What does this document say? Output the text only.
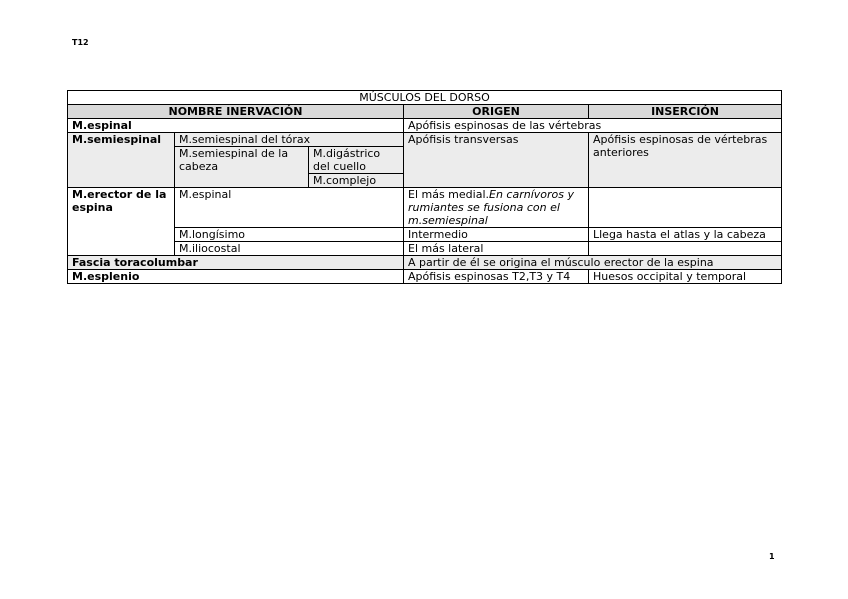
T12
MÚSCULOS DEL DORSO				
NOMBRE INERVACIÓN			ORIGEN	INSERCIÓN
M.espinal			Apófisis espinosas de las vértebras	
M.semiespinal	M.semiespinal del tórax		Apófisis transversas	Apófisis espinosas de vértebras anteriores
	M.semiespinal de la cabeza	M.digástrico del cuello		
		M.complejo		
M.erector de la espina	M.espinal		El más medial.En carnívoros y rumiantes se fusiona con el m.semiespinal	
	M.longísimo		Intermedio	Llega hasta el atlas y la cabeza
	M.iliocostal		El más lateral	
Fascia toracolumbar			A partir de él se origina el músculo erector de la espina	
M.esplenio			Apófisis espinosas T2,T3 y T4	Huesos occipital y temporal
1
